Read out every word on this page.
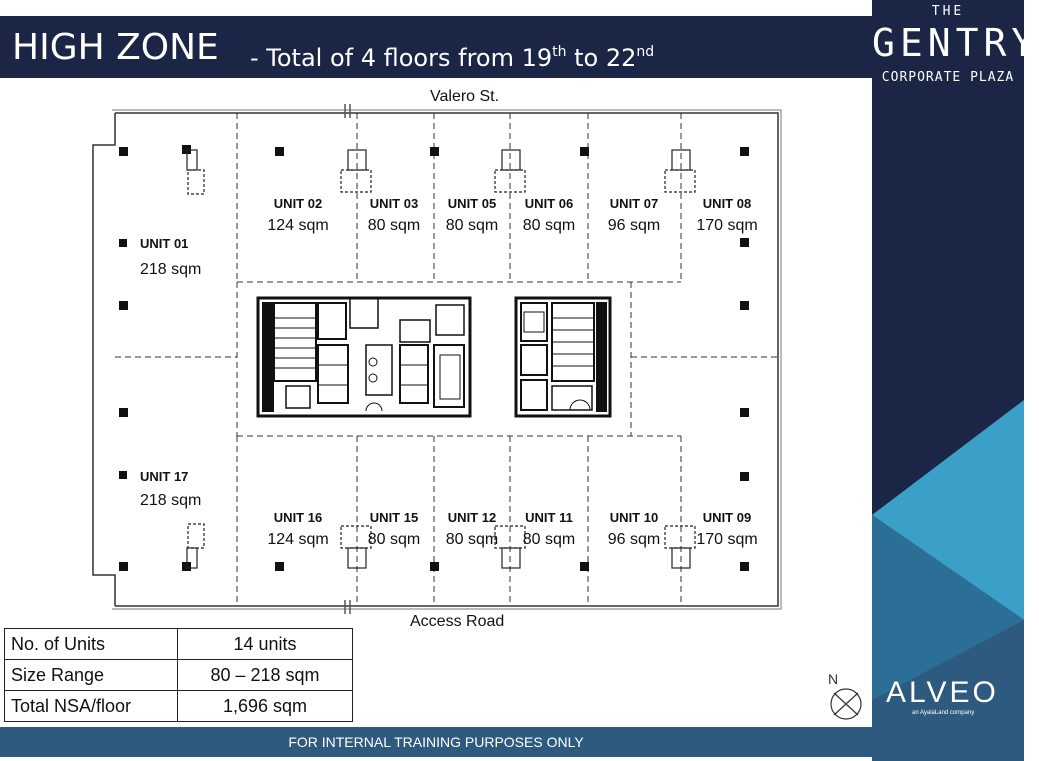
HIGH ZONE - Total of 4 floors from 19th to 22nd
THE
GENTRY
CORPORATE PLAZA
ALVEO
an AyalaLand company
Valero St.
Access Road
N
UNIT 02
124 sqm
UNIT 03
80 sqm
UNIT 05
80 sqm
UNIT 06
80 sqm
UNIT 07
96 sqm
UNIT 08
170 sqm
UNIT 16
124 sqm
UNIT 15
80 sqm
UNIT 12
80 sqm
UNIT 11
80 sqm
UNIT 10
96 sqm
UNIT 09
170 sqm
UNIT 01
218 sqm
UNIT 17
218 sqm
No. of Units	14 units
Size Range	80 – 218 sqm
Total NSA/floor	1,696 sqm
FOR INTERNAL TRAINING PURPOSES ONLY
